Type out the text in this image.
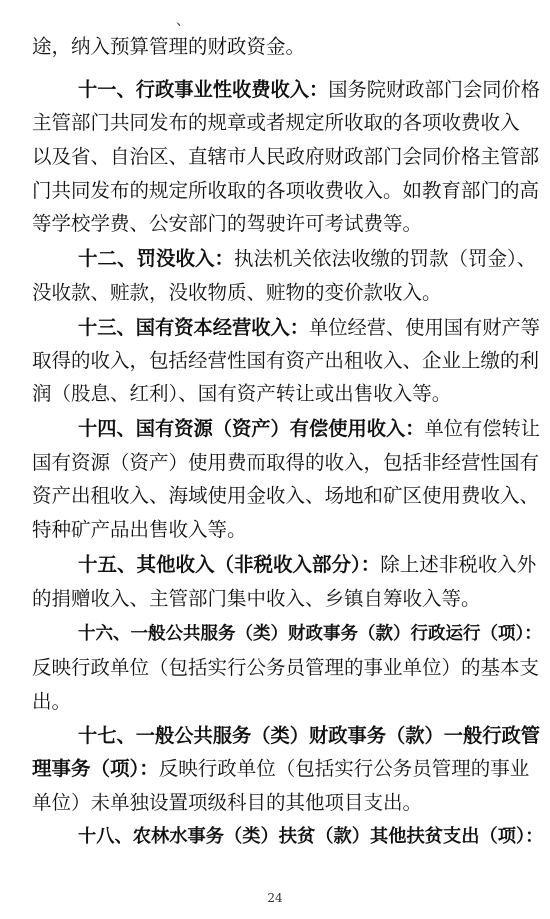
、
途，纳入预算管理的财政资金。
十一、行政事业性收费收入：国务院财政部门会同价格
主管部门共同发布的规章或者规定所收取的各项收费收入
以及省、自治区、直辖市人民政府财政部门会同价格主管部
门共同发布的规定所收取的各项收费收入。如教育部门的高
等学校学费、公安部门的驾驶许可考试费等。
十二、罚没收入：执法机关依法收缴的罚款（罚金）、
没收款、赃款，没收物质、赃物的变价款收入。
十三、国有资本经营收入：单位经营、使用国有财产等
取得的收入，包括经营性国有资产出租收入、企业上缴的利
润（股息、红利）、国有资产转让或出售收入等。
十四、国有资源（资产）有偿使用收入：单位有偿转让
国有资源（资产）使用费而取得的收入，包括非经营性国有
资产出租收入、海域使用金收入、场地和矿区使用费收入、
特种矿产品出售收入等。
十五、其他收入（非税收入部分）：除上述非税收入外
的捐赠收入、主管部门集中收入、乡镇自筹收入等。
十六、一般公共服务（类）财政事务（款）行政运行（项）：
反映行政单位（包括实行公务员管理的事业单位）的基本支
出。
十七、一般公共服务（类）财政事务（款）一般行政管
理事务（项）：反映行政单位（包括实行公务员管理的事业
单位）未单独设置项级科目的其他项目支出。
十八、农林水事务（类）扶贫（款）其他扶贫支出（项）：
24
